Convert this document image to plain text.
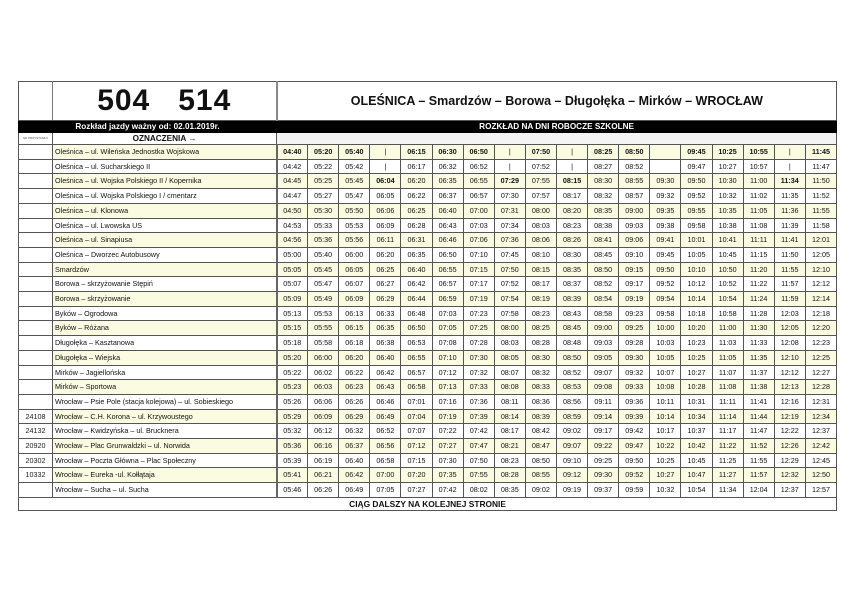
	504 514	OLEŚNICA – Smardzów – Borowa – Długołęka – Mirków – WROCŁAW																	
Rozkład jazdy ważny od: 02.01.2019r.		ROZKŁAD NA DNI ROBOCZE SZKOLNE																	
NR PRZYSTANKU	OZNACZENIA →																		
	Oleśnica – ul. Wileńska Jednostka Wojskowa	04:40	05:20	05:40	|	06:15	06:30	06:50	|	07:50	|	08:25	08:50		09:45	10:25	10:55	|	11:45
	Oleśnica – ul. Sucharskiego II	04:42	05:22	05:42	|	06:17	06:32	06:52	|	07:52	|	08:27	08:52		09:47	10:27	10:57	|	11:47
	Oleśnica – ul. Wojska Polskiego II / Kopernika	04:45	05:25	05:45	06:04	06:20	06:35	06:55	07:29	07:55	08:15	08:30	08:55	09:30	09:50	10:30	11:00	11:34	11:50
	Oleśnica – ul. Wojska Polskiego I / cmentarz	04:47	05:27	05:47	06:05	06:22	06:37	06:57	07:30	07:57	08:17	08:32	08:57	09:32	09:52	10:32	11:02	11:35	11:52
	Oleśnica – ul. Klonowa	04:50	05:30	05:50	06:06	06:25	06:40	07:00	07:31	08:00	08:20	08:35	09:00	09:35	09:55	10:35	11:05	11:36	11:55
	Oleśnica – ul. Lwowska US	04:53	05:33	05:53	06:09	06:28	06:43	07:03	07:34	08:03	08:23	08:38	09:03	09:38	09:58	10:38	11:08	11:39	11:58
	Oleśnica – ul. Sinapiusa	04:56	05:36	05:56	06:11	06:31	06:46	07:06	07:36	08:06	08:26	08:41	09:06	09:41	10:01	10:41	11:11	11:41	12:01
	Oleśnica – Dworzec Autobusowy	05:00	05:40	06:00	06:20	06:35	06:50	07:10	07:45	08:10	08:30	08:45	09:10	09:45	10:05	10:45	11:15	11:50	12:05
	Smardzów	05:05	05:45	06:05	06:25	06:40	06:55	07:15	07:50	08:15	08:35	08:50	09:15	09:50	10:10	10:50	11:20	11:55	12:10
	Borowa – skrzyżowanie Stępiń	05:07	05:47	06:07	06:27	06:42	06:57	07:17	07:52	08:17	08:37	08:52	09:17	09:52	10:12	10:52	11:22	11:57	12:12
	Borowa – skrzyżowanie	05:09	05:49	06:09	06:29	06:44	06:59	07:19	07:54	08:19	08:39	08:54	09:19	09:54	10:14	10:54	11:24	11:59	12:14
	Byków – Ogrodowa	05:13	05:53	06:13	06:33	06:48	07:03	07:23	07:58	08:23	08:43	08:58	09:23	09:58	10:18	10:58	11:28	12:03	12:18
	Byków – Różana	05:15	05:55	06:15	06:35	06:50	07:05	07:25	08:00	08:25	08:45	09:00	09:25	10:00	10:20	11:00	11:30	12:05	12:20
	Długołęka – Kasztanowa	05:18	05:58	06:18	06:38	06:53	07:08	07:28	08:03	08:28	08:48	09:03	09:28	10:03	10:23	11:03	11:33	12:08	12:23
	Długołęka – Wiejska	05:20	06:00	06:20	06:40	06:55	07:10	07:30	08:05	08:30	08:50	09:05	09:30	10:05	10:25	11:05	11:35	12:10	12:25
	Mirków – Jagiellońska	05:22	06:02	06:22	06:42	06:57	07:12	07:32	08:07	08:32	08:52	09:07	09:32	10:07	10:27	11:07	11:37	12:12	12:27
	Mirków – Sportowa	05:23	06:03	06:23	06:43	06:58	07:13	07:33	08:08	08:33	08:53	09:08	09:33	10:08	10:28	11:08	11:38	12:13	12:28
	Wrocław – Psie Pole (stacja kolejowa) – ul. Sobieskiego	05:26	06:06	06:26	06:46	07:01	07:16	07:36	08:11	08:36	08:56	09:11	09:36	10:11	10:31	11:11	11:41	12:16	12:31
24108	Wrocław – C.H. Korona – ul. Krzywoustego	05:29	06:09	06:29	06:49	07:04	07:19	07:39	08:14	08:39	08:59	09:14	09:39	10:14	10:34	11:14	11:44	12:19	12:34
24132	Wrocław – Kwidzyńska – ul. Brucknera	05:32	06:12	06:32	06:52	07:07	07:22	07:42	08:17	08:42	09:02	09:17	09:42	10:17	10:37	11:17	11:47	12:22	12:37
20920	Wrocław – Plac Grunwaldzki – ul. Norwida	05:36	06:16	06:37	06:56	07:12	07:27	07:47	08:21	08:47	09:07	09:22	09:47	10:22	10:42	11:22	11:52	12:26	12:42
20302	Wrocław – Poczta Główna – Plac Społeczny	05:39	06:19	06:40	06:58	07:15	07:30	07:50	08:23	08:50	09:10	09:25	09:50	10:25	10:45	11:25	11:55	12:29	12:45
10332	Wrocław – Eureka -ul. Kołłątaja	05:41	06:21	06:42	07:00	07:20	07:35	07:55	08:28	08:55	09:12	09:30	09:52	10:27	10:47	11:27	11:57	12:32	12:50
	Wrocław – Sucha – ul. Sucha	05:46	06:26	06:49	07:05	07:27	07:42	08:02	08:35	09:02	09:19	09:37	09:59	10:32	10:54	11:34	12:04	12:37	12:57
CIĄG DALSZY NA KOLEJNEJ STRONIE																			
